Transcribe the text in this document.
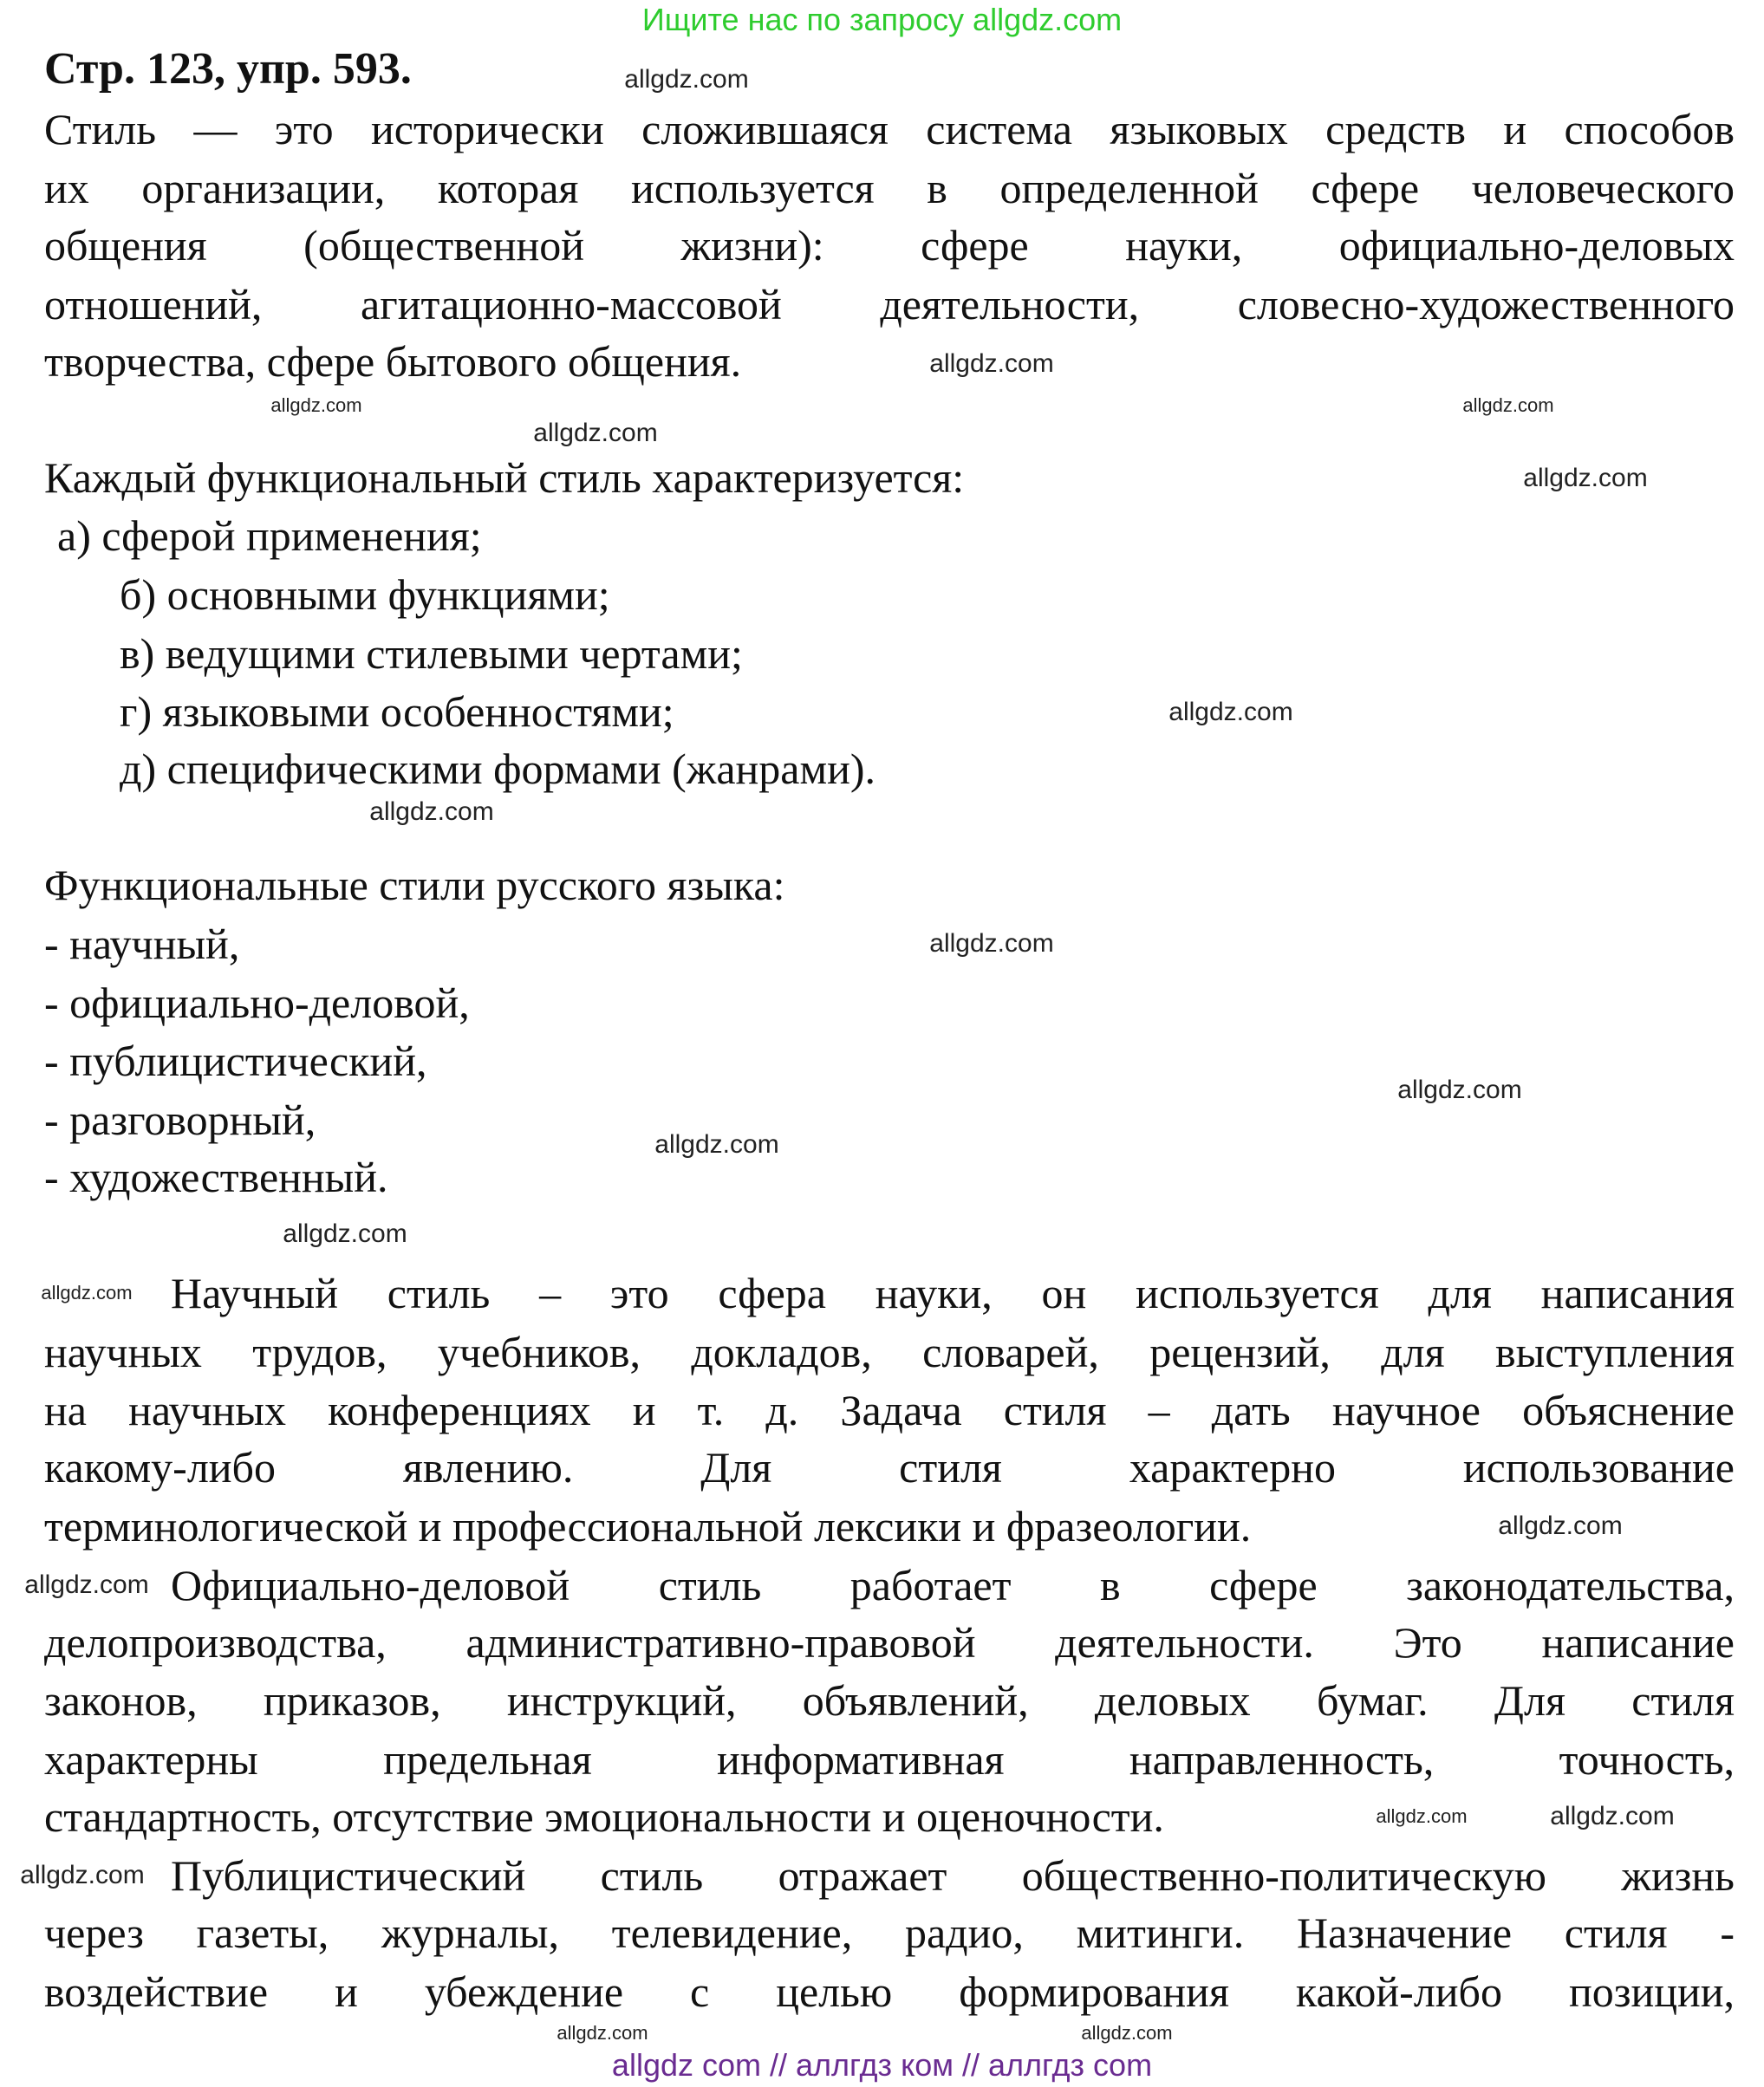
Ищите нас по запросу allgdz.com
Стр. 123, упр. 593.
Стиль — это исторически сложившаяся система языковых средств и способов
их организации, которая используется в определенной сфере человеческого
общения (общественной жизни): сфере науки, официально-деловых
отношений, агитационно-массовой деятельности, словесно-художественного
творчества, сфере бытового общения.
Каждый функциональный стиль характеризуется:
а) сферой применения;
б) основными функциями;
в) ведущими стилевыми чертами;
г) языковыми особенностями;
д) специфическими формами (жанрами).
Функциональные стили русского языка:
- научный,
- официально-деловой,
- публицистический,
- разговорный,
- художественный.
Научный стиль – это сфера науки, он используется для написания
научных трудов, учебников, докладов, словарей, рецензий, для выступления
на научных конференциях и т. д. Задача стиля – дать научное объяснение
какому-либо явлению. Для стиля характерно использование
терминологической и профессиональной лексики и фразеологии.
Официально-деловой стиль работает в сфере законодательства,
делопроизводства, административно-правовой деятельности. Это написание
законов, приказов, инструкций, объявлений, деловых бумаг. Для стиля
характерны предельная информативная направленность, точность,
стандартность, отсутствие эмоциональности и оценочности.
Публицистический стиль отражает общественно-политическую жизнь
через газеты, журналы, телевидение, радио, митинги. Назначение стиля -
воздействие и убеждение с целью формирования какой-либо позиции,
allgdz.com
allgdz.com	allgdz.com
allgdz.com
allgdz.com
allgdz.com
allgdz.com
allgdz.com
allgdz.com
allgdz.com
allgdz.com
allgdz.com
allgdz.com
allgdz.com
allgdz.com
allgdz.com
allgdz.com
allgdz.com
allgdz.com
allgdz.com
allgdz com // аллгдз ком // аллгдз com
